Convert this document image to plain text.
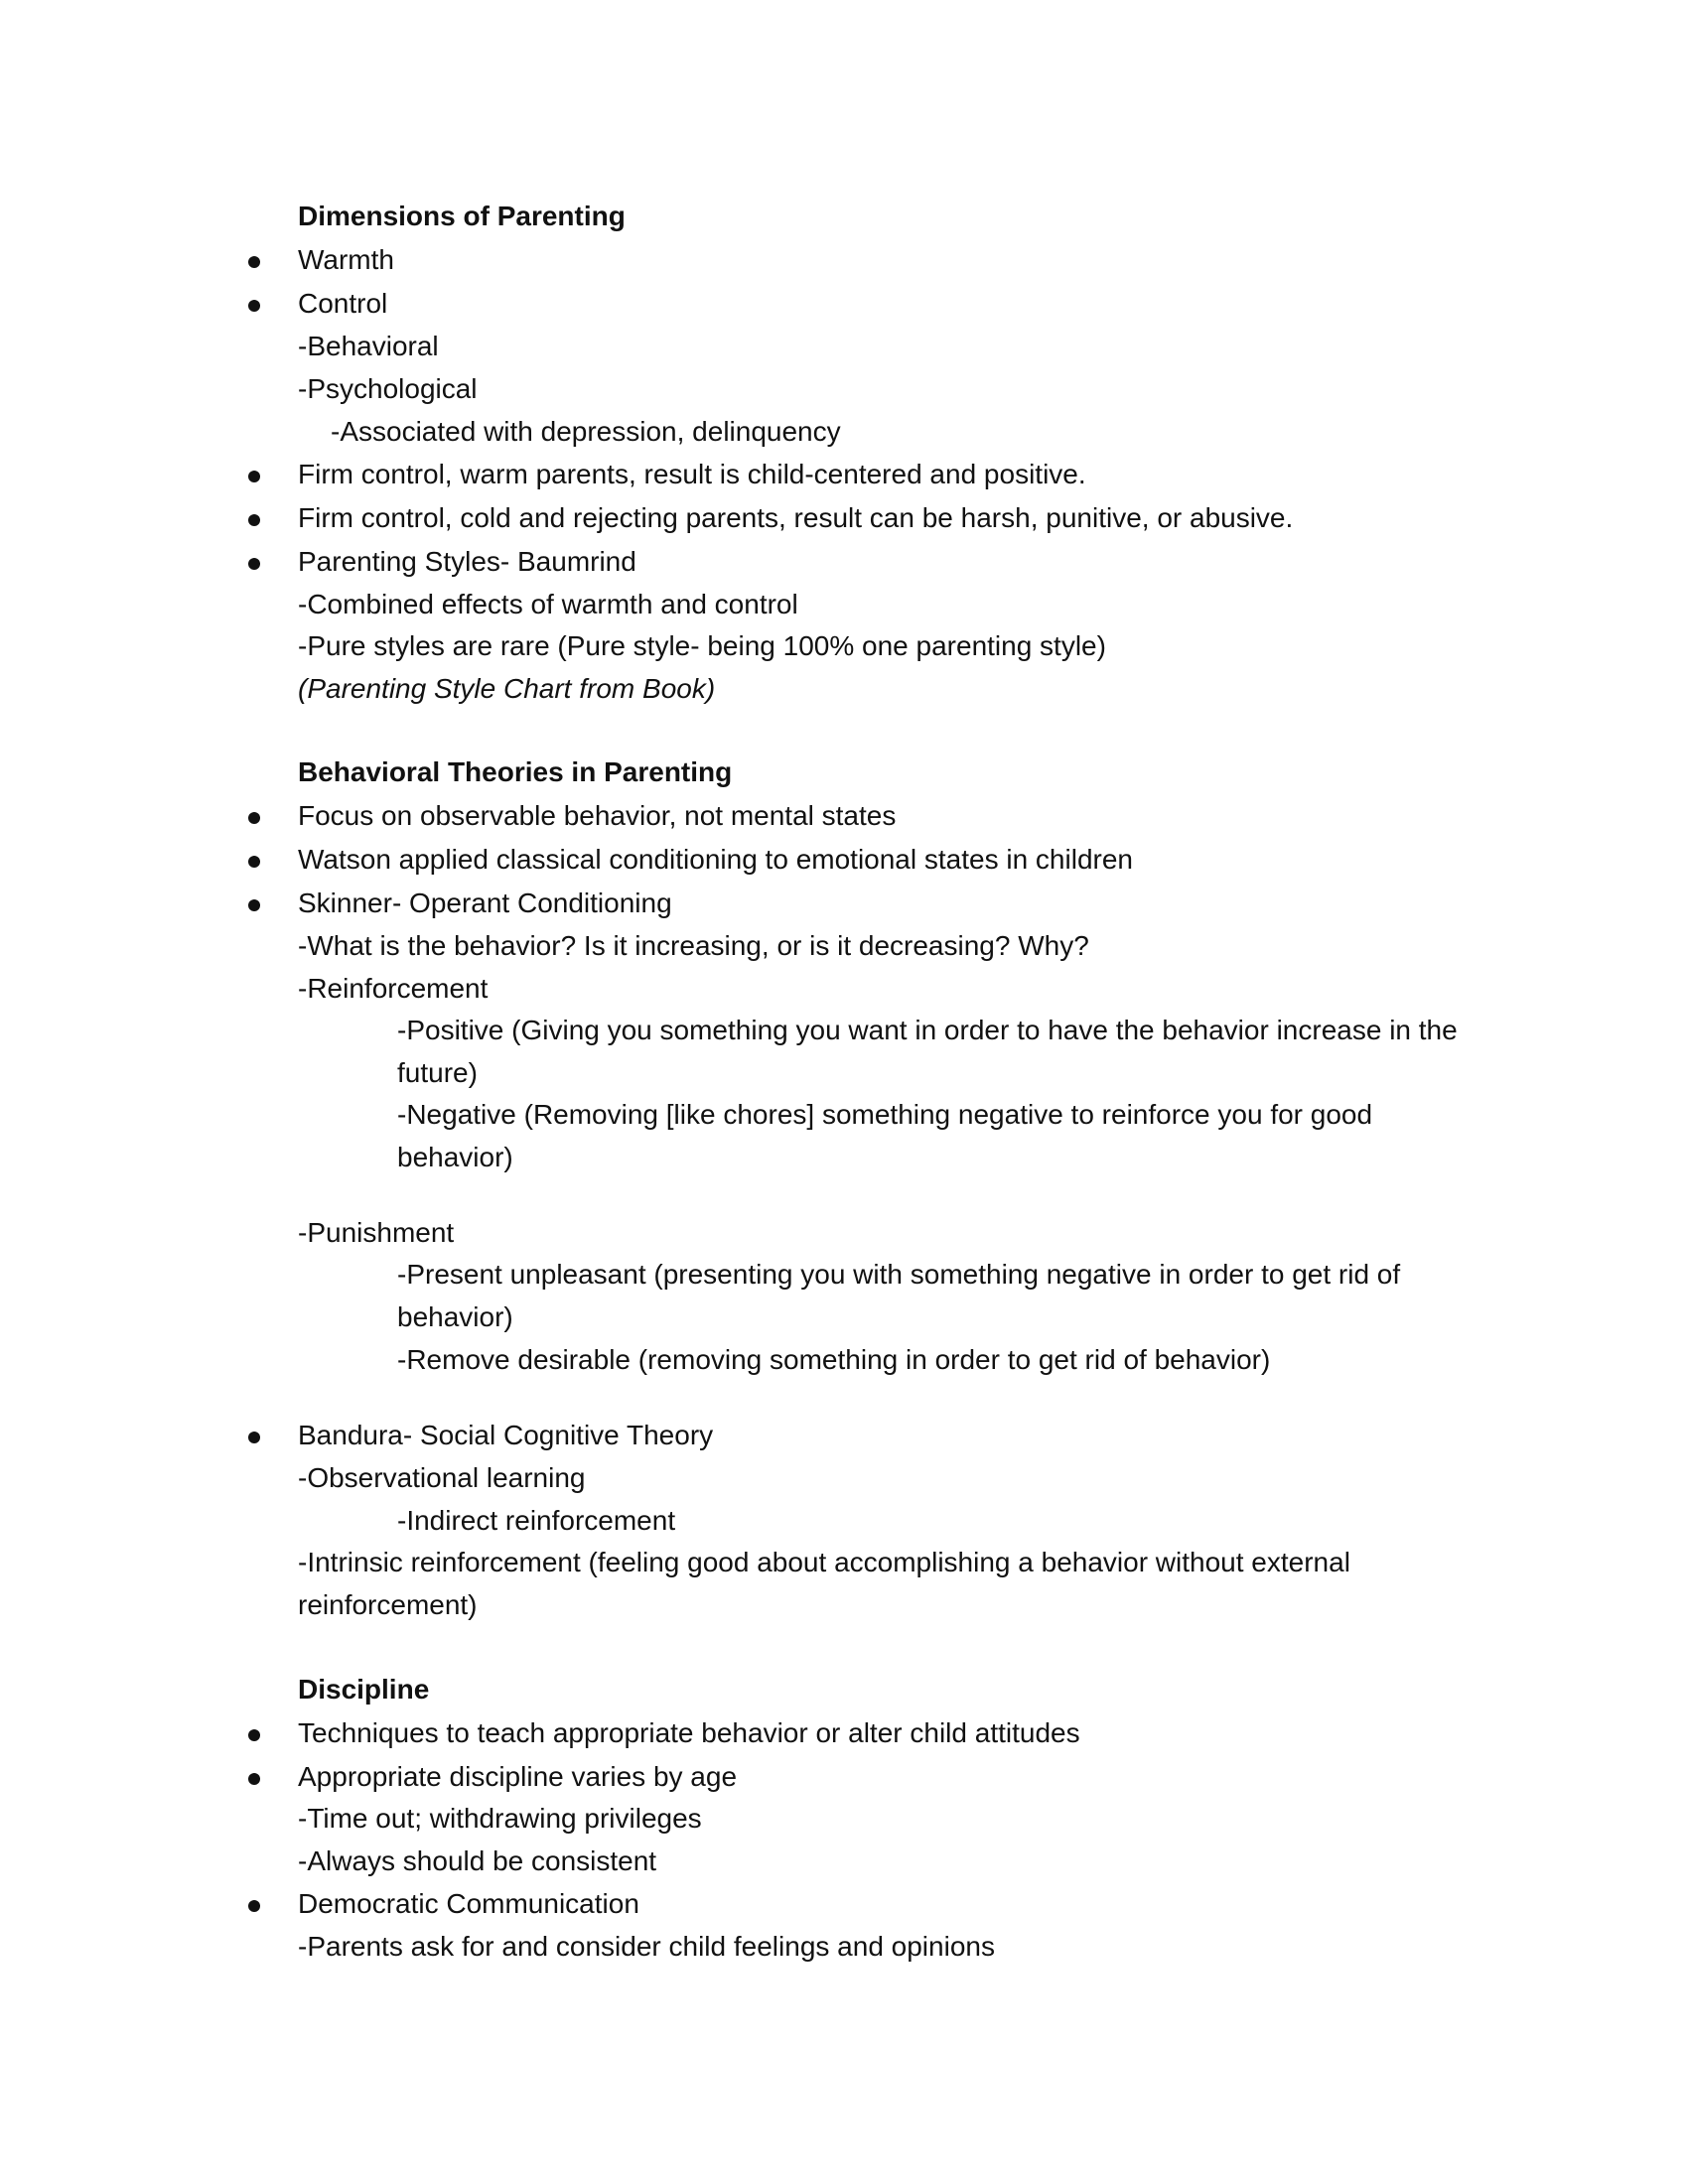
Dimensions of Parenting
Warmth
Control
-Behavioral
-Psychological
-Associated with depression, delinquency
Firm control, warm parents, result is child-centered and positive.
Firm control, cold and rejecting parents, result can be harsh, punitive, or abusive.
Parenting Styles- Baumrind
-Combined effects of warmth and control
-Pure styles are rare (Pure style- being 100% one parenting style)
(Parenting Style Chart from Book)
Behavioral Theories in Parenting
Focus on observable behavior, not mental states
Watson applied classical conditioning to emotional states in children
Skinner- Operant Conditioning
-What is the behavior? Is it increasing, or is it decreasing? Why?
-Reinforcement
-Positive (Giving you something you want in order to have the behavior increase in the
future)
-Negative (Removing [like chores] something negative to reinforce you for good
behavior)
-Punishment
-Present unpleasant (presenting you with something negative in order to get rid of
behavior)
-Remove desirable (removing something in order to get rid of behavior)
Bandura- Social Cognitive Theory
-Observational learning
-Indirect reinforcement
-Intrinsic reinforcement (feeling good about accomplishing a behavior without external
reinforcement)
Discipline
Techniques to teach appropriate behavior or alter child attitudes
Appropriate discipline varies by age
-Time out; withdrawing privileges
-Always should be consistent
Democratic Communication
-Parents ask for and consider child feelings and opinions
